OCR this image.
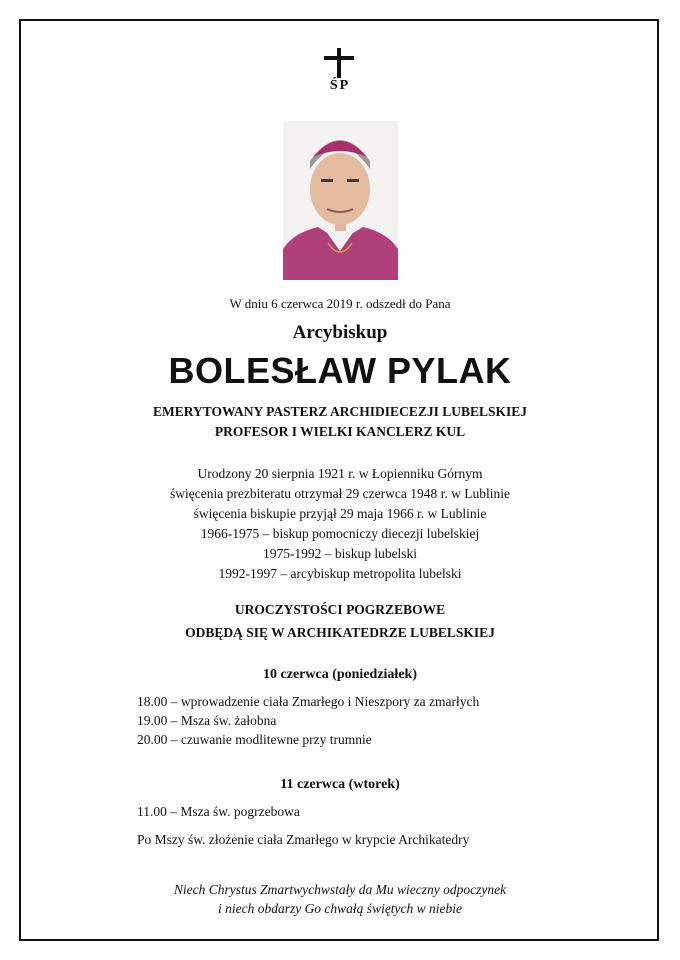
ŚP
W dniu 6 czerwca 2019 r. odszedł do Pana
Arcybiskup
BOLESŁAW PYLAK
EMERYTOWANY PASTERZ ARCHIDIECEZJI LUBELSKIEJ
PROFESOR I WIELKI KANCLERZ KUL
Urodzony 20 sierpnia 1921 r. w Łopienniku Górnym
święcenia prezbiteratu otrzymał 29 czerwca 1948 r. w Lublinie
święcenia biskupie przyjął 29 maja 1966 r. w Lublinie
1966-1975 – biskup pomocniczy diecezji lubelskiej
1975-1992 – biskup lubelski
1992-1997 – arcybiskup metropolita lubelski
UROCZYSTOŚCI POGRZEBOWE
ODBĘDĄ SIĘ W ARCHIKATEDRZE LUBELSKIEJ
10 czerwca (poniedziałek)
18.00 – wprowadzenie ciała Zmarłego i Nieszpory za zmarłych
19.00 – Msza św. żałobna
20.00 – czuwanie modlitewne przy trumnie
11 czerwca (wtorek)
11.00 – Msza św. pogrzebowa
Po Mszy św. złożenie ciała Zmarłego w krypcie Archikatedry
Niech Chrystus Zmartwychwstały da Mu wieczny odpoczynek
i niech obdarzy Go chwałą świętych w niebie
